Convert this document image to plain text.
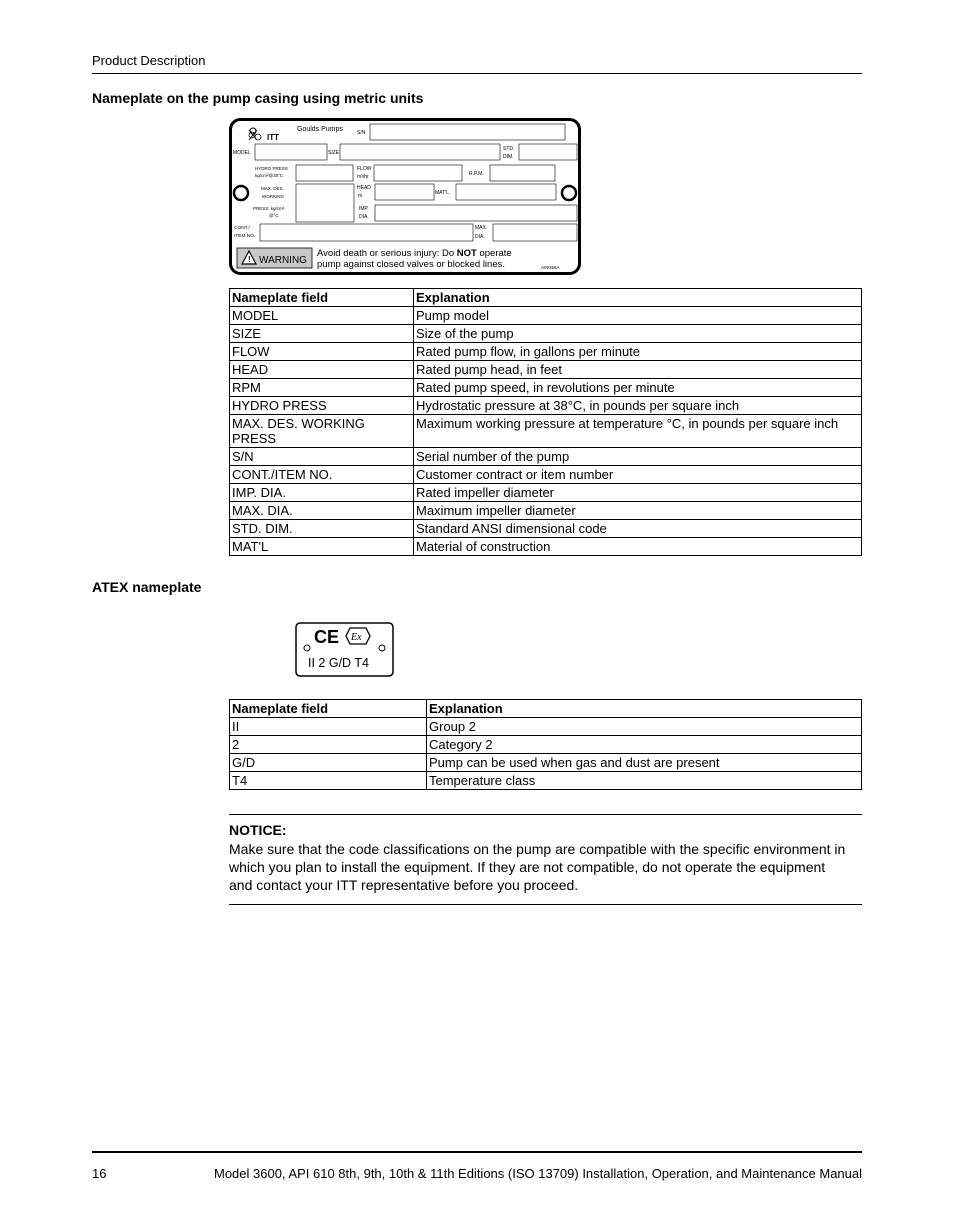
Product Description
Nameplate on the pump casing using metric units
ITT
Goulds Pumps	S/N
MODEL	SIZE
STD.
DIM.
HYDRO PRESS
kg/cm²@38°C
FLOW
m³/hr	R.P.M.
MAX. DES.
WORKING
PRESS: kg/cm²
@°C
HEAD
m	MAT'L.
IMP.
DIA.
CONT./
ITEM NO.
MAX.
DIA.
! WARNING
Avoid death or serious injury: Do NOT operate
pump against closed valves or blocked lines.	A09356A
Nameplate field	Explanation
MODEL	Pump model
SIZE	Size of the pump
FLOW	Rated pump flow, in gallons per minute
HEAD	Rated pump head, in feet
RPM	Rated pump speed, in revolutions per minute
HYDRO PRESS	Hydrostatic pressure at 38°C, in pounds per square inch
MAX. DES. WORKING PRESS	Maximum working pressure at temperature °C, in pounds per square inch
S/N	Serial number of the pump
CONT./ITEM NO.	Customer contract or item number
IMP. DIA.	Rated impeller diameter
MAX. DIA.	Maximum impeller diameter
STD. DIM.	Standard ANSI dimensional code
MAT'L	Material of construction
ATEX nameplate
CE Ex
II 2 G/D T4
Nameplate field	Explanation
II	Group 2
2	Category 2
G/D	Pump can be used when gas and dust are present
T4	Temperature class
NOTICE:
Make sure that the code classifications on the pump are compatible with the specific environment in which you plan to install the equipment. If they are not compatible, do not operate the equipment and contact your ITT representative before you proceed.
16	Model 3600, API 610 8th, 9th, 10th & 11th Editions (ISO 13709) Installation, Operation, and Maintenance Manual
